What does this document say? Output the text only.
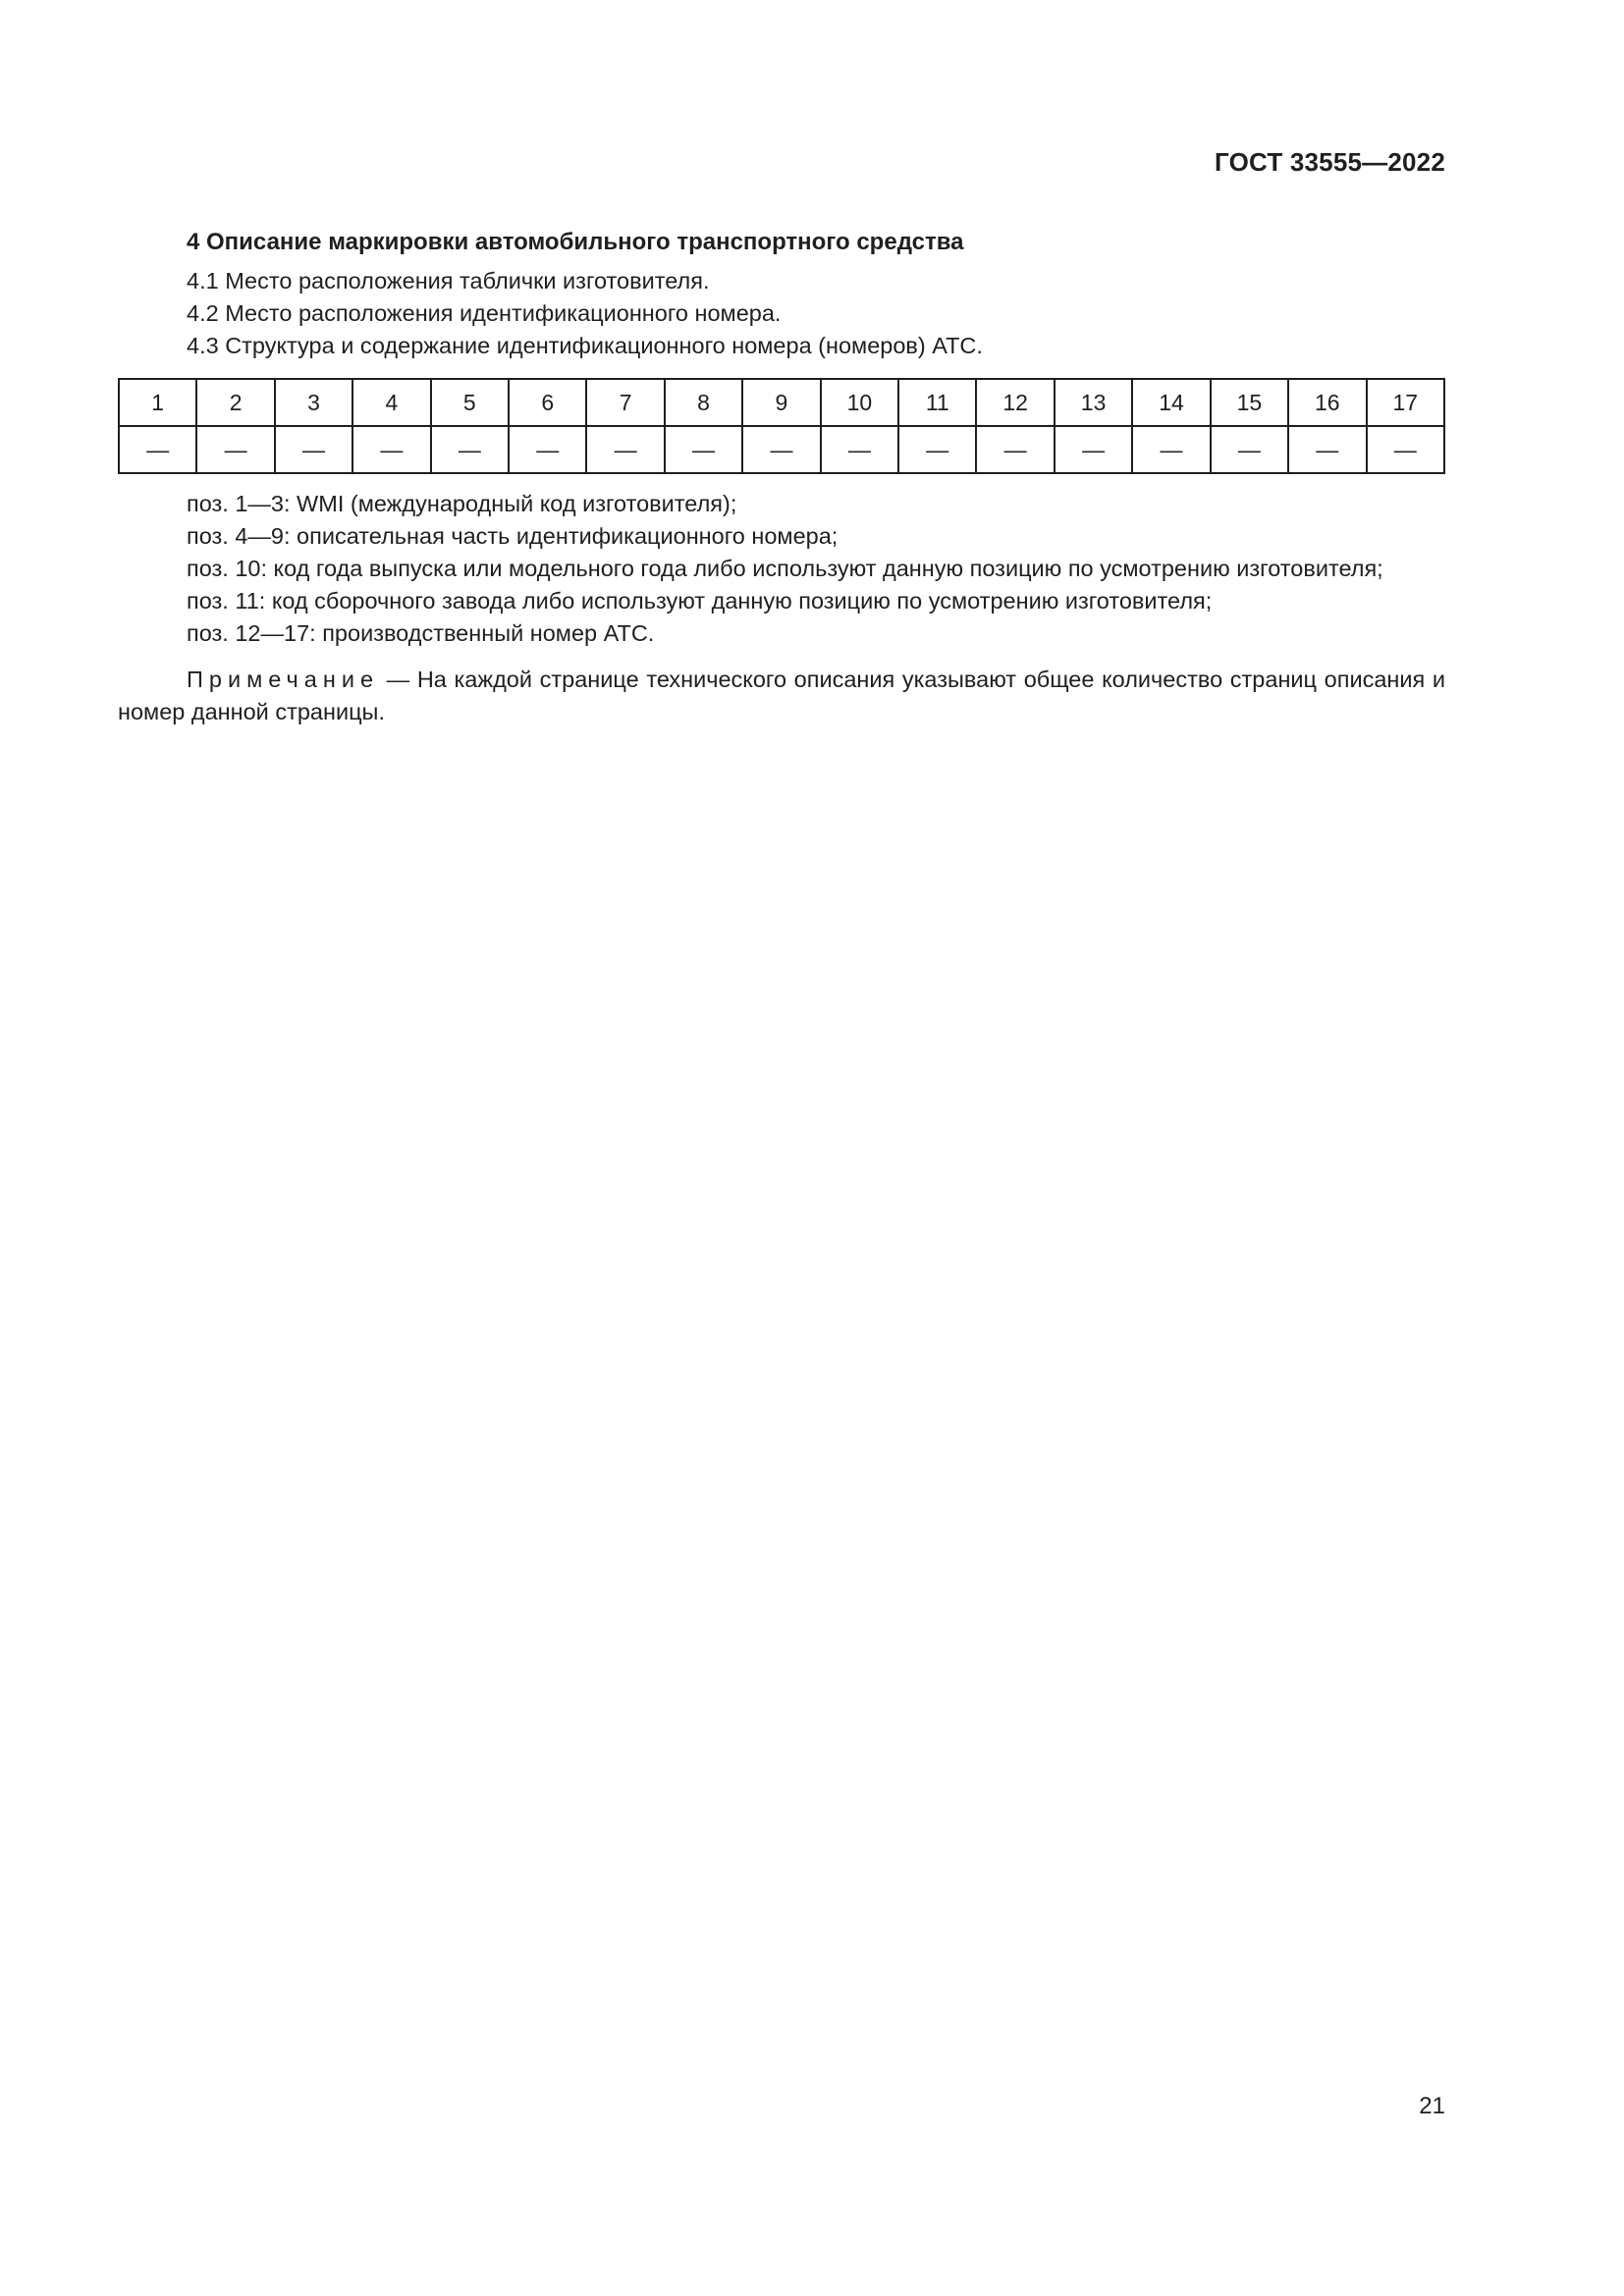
ГОСТ 33555—2022
4 Описание маркировки автомобильного транспортного средства

4.1 Место расположения таблички изготовителя.

4.2 Место расположения идентификационного номера.

4.3 Структура и содержание идентификационного номера (номеров) АТС.

1	2	3	4	5	6	7	8	9	10	11	12	13	14	15	16	17
—	—	—	—	—	—	—	—	—	—	—	—	—	—	—	—	—

поз. 1—3: WMI (международный код изготовителя);

поз. 4—9: описательная часть идентификационного номера;

поз. 10: код года выпуска или модельного года либо используют данную позицию по усмотрению изготовителя;

поз. 11: код сборочного завода либо используют данную позицию по усмотрению изготовителя;

поз. 12—17: производственный номер АТС.

Примечание — На каждой странице технического описания указывают общее количество страниц описания и номер данной страницы.

21
